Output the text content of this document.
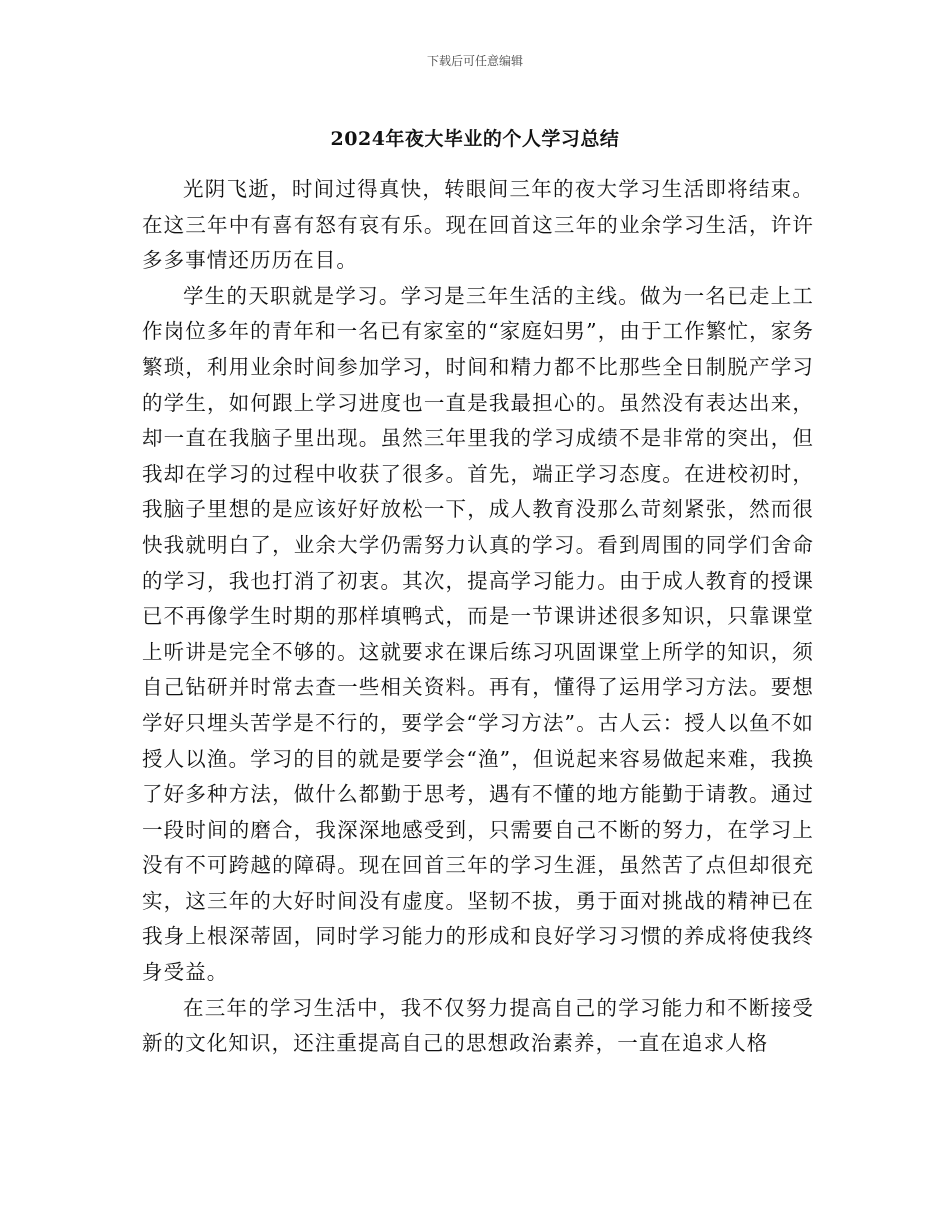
下载后可任意编辑
2024年夜大毕业的个人学习总结

光阴飞逝，时间过得真快，转眼间三年的夜大学习生活即将结束。在这三年中有喜有怒有哀有乐。现在回首这三年的业余学习生活，许许多多事情还历历在目。

学生的天职就是学习。学习是三年生活的主线。做为一名已走上工作岗位多年的青年和一名已有家室的“家庭妇男”，由于工作繁忙，家务繁琐，利用业余时间参加学习，时间和精力都不比那些全日制脱产学习的学生，如何跟上学习进度也一直是我最担心的。虽然没有表达出来，却一直在我脑子里出现。虽然三年里我的学习成绩不是非常的突出，但我却在学习的过程中收获了很多。首先，端正学习态度。在进校初时，我脑子里想的是应该好好放松一下，成人教育没那么苛刻紧张，然而很快我就明白了，业余大学仍需努力认真的学习。看到周围的同学们舍命的学习，我也打消了初衷。其次，提高学习能力。由于成人教育的授课已不再像学生时期的那样填鸭式，而是一节课讲述很多知识，只靠课堂上听讲是完全不够的。这就要求在课后练习巩固课堂上所学的知识，须自己钻研并时常去查一些相关资料。再有，懂得了运用学习方法。要想学好只埋头苦学是不行的，要学会“学习方法”。古人云：授人以鱼不如授人以渔。学习的目的就是要学会“渔”，但说起来容易做起来难，我换了好多种方法，做什么都勤于思考，遇有不懂的地方能勤于请教。通过一段时间的磨合，我深深地感受到，只需要自己不断的努力，在学习上没有不可跨越的障碍。现在回首三年的学习生涯，虽然苦了点但却很充实，这三年的大好时间没有虚度。坚韧不拔，勇于面对挑战的精神已在我身上根深蒂固，同时学习能力的形成和良好学习习惯的养成将使我终身受益。

在三年的学习生活中，我不仅努力提高自己的学习能力和不断接受新的文化知识，还注重提高自己的思想政治素养，一直在追求人格
